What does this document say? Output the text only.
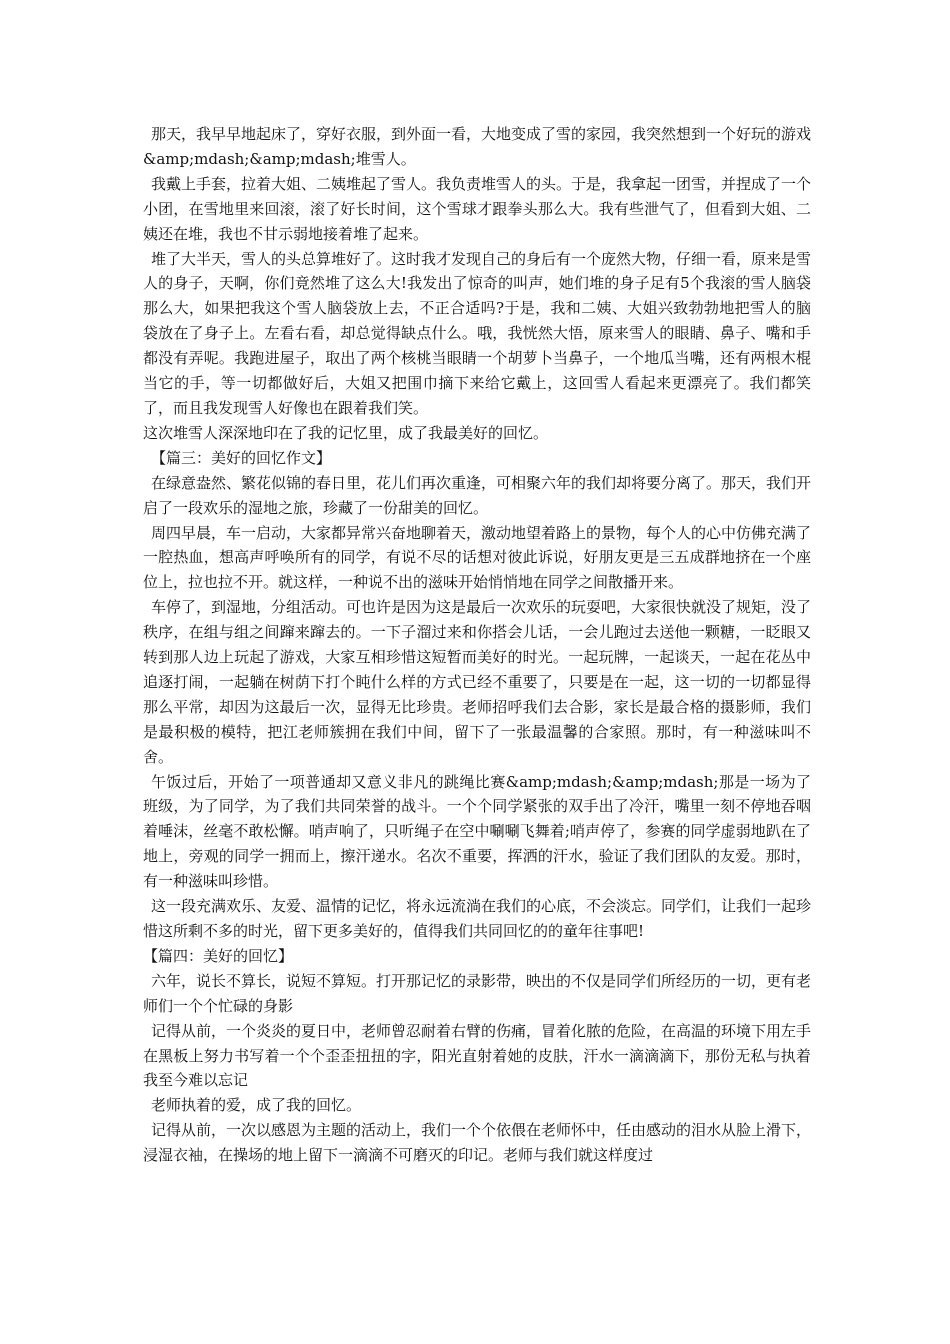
那天，我早早地起床了，穿好衣服，到外面一看，大地变成了雪的家园，我突然想到一个好玩的游戏&amp;mdash;&amp;mdash;堆雪人。

我戴上手套，拉着大姐、二姨堆起了雪人。我负责堆雪人的头。于是，我拿起一团雪，并捏成了一个小团，在雪地里来回滚，滚了好长时间，这个雪球才跟拳头那么大。我有些泄气了，但看到大姐、二姨还在堆，我也不甘示弱地接着堆了起来。

堆了大半天，雪人的头总算堆好了。这时我才发现自己的身后有一个庞然大物，仔细一看，原来是雪人的身子，天啊，你们竟然堆了这么大!我发出了惊奇的叫声，她们堆的身子足有5个我滚的雪人脑袋那么大，如果把我这个雪人脑袋放上去，不正合适吗?于是，我和二姨、大姐兴致勃勃地把雪人的脑袋放在了身子上。左看右看，却总觉得缺点什么。哦，我恍然大悟，原来雪人的眼睛、鼻子、嘴和手都没有弄呢。我跑进屋子，取出了两个核桃当眼睛一个胡萝卜当鼻子，一个地瓜当嘴，还有两根木棍当它的手，等一切都做好后，大姐又把围巾摘下来给它戴上，这回雪人看起来更漂亮了。我们都笑了，而且我发现雪人好像也在跟着我们笑。

这次堆雪人深深地印在了我的记忆里，成了我最美好的回忆。

【篇三：美好的回忆作文】

在绿意盎然、繁花似锦的春日里，花儿们再次重逢，可相聚六年的我们却将要分离了。那天，我们开启了一段欢乐的湿地之旅，珍藏了一份甜美的回忆。

周四早晨，车一启动，大家都异常兴奋地聊着天，激动地望着路上的景物，每个人的心中仿佛充满了一腔热血，想高声呼唤所有的同学，有说不尽的话想对彼此诉说，好朋友更是三五成群地挤在一个座位上，拉也拉不开。就这样，一种说不出的滋味开始悄悄地在同学之间散播开来。

车停了，到湿地，分组活动。可也许是因为这是最后一次欢乐的玩耍吧，大家很快就没了规矩，没了秩序，在组与组之间蹿来蹿去的。一下子溜过来和你搭会儿话，一会儿跑过去送他一颗糖，一眨眼又转到那人边上玩起了游戏，大家互相珍惜这短暂而美好的时光。一起玩牌，一起谈天，一起在花丛中追逐打闹，一起躺在树荫下打个盹什么样的方式已经不重要了，只要是在一起，这一切的一切都显得那么平常，却因为这最后一次，显得无比珍贵。老师招呼我们去合影，家长是最合格的摄影师，我们是最积极的模特，把江老师簇拥在我们中间，留下了一张最温馨的合家照。那时，有一种滋味叫不舍。

午饭过后，开始了一项普通却又意义非凡的跳绳比赛&amp;mdash;&amp;mdash;那是一场为了班级，为了同学，为了我们共同荣誉的战斗。一个个同学紧张的双手出了冷汗，嘴里一刻不停地吞咽着唾沫，丝毫不敢松懈。哨声响了，只听绳子在空中唰唰飞舞着;哨声停了，参赛的同学虚弱地趴在了地上，旁观的同学一拥而上，擦汗递水。名次不重要，挥洒的汗水，验证了我们团队的友爱。那时，有一种滋味叫珍惜。

这一段充满欢乐、友爱、温情的记忆，将永远流淌在我们的心底，不会淡忘。同学们，让我们一起珍惜这所剩不多的时光，留下更多美好的，值得我们共同回忆的的童年往事吧!

【篇四：美好的回忆】

六年，说长不算长，说短不算短。打开那记忆的录影带，映出的不仅是同学们所经历的一切，更有老师们一个个忙碌的身影

记得从前，一个炎炎的夏日中，老师曾忍耐着右臂的伤痛，冒着化脓的危险，在高温的环境下用左手在黑板上努力书写着一个个歪歪扭扭的字，阳光直射着她的皮肤，汗水一滴滴滴下，那份无私与执着我至今难以忘记

老师执着的爱，成了我的回忆。

记得从前，一次以感恩为主题的活动上，我们一个个依偎在老师怀中，任由感动的泪水从脸上滑下，浸湿衣袖，在操场的地上留下一滴滴不可磨灭的印记。老师与我们就这样度过
